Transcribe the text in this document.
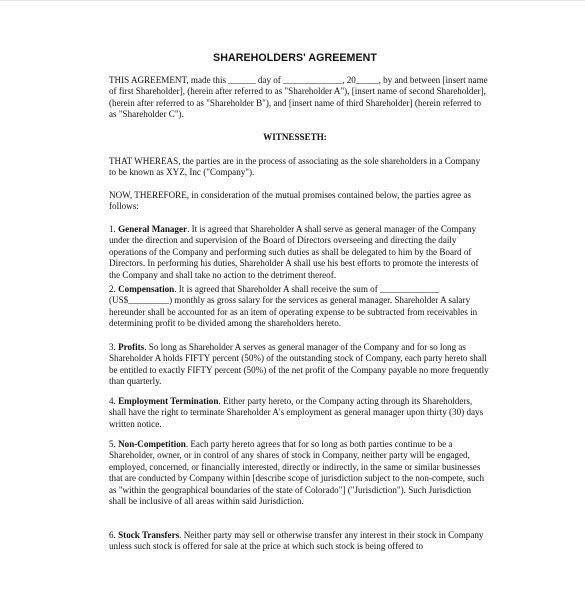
SHAREHOLDERS' AGREEMENT

THIS AGREEMENT, made this ______ day of _____________, 20_____, by and between [insert name of first Shareholder], (herein after referred to as "Shareholder A"), [insert name of second Shareholder], (herein after referred to as "Shareholder B"), and [insert name of third Shareholder] (herein referred to as "Shareholder C").

WITNESSETH:

THAT WHEREAS, the parties are in the process of associating as the sole shareholders in a Company to be known as XYZ, Inc ("Company").

NOW, THEREFORE, in consideration of the mutual promises contained below, the parties agree as follows:

1. General Manager. It is agreed that Shareholder A shall serve as general manager of the Company under the direction and supervision of the Board of Directors overseeing and directing the daily operations of the Company and performing such duties as shall be delegated to him by the Board of Directors. In performing his duties, Shareholder A shall use his best efforts to promote the interests of the Company and shall take no action to the detriment thereof.

2. Compensation. It is agreed that Shareholder A shall receive the sum of _____________ (US$_________) monthly as gross salary for the services as general manager. Shareholder A salary hereunder shall be accounted for as an item of operating expense to be subtracted from receivables in determining profit to be divided among the shareholders hereto.

3. Profits. So long as Shareholder A serves as general manager of the Company and for so long as Shareholder A holds FIFTY percent (50%) of the outstanding stock of Company, each party hereto shall be entitled to exactly FIFTY percent (50%) of the net profit of the Company payable no more frequently than quarterly.

4. Employment Termination. Either party hereto, or the Company acting through its Shareholders, shall have the right to terminate Shareholder A's employment as general manager upon thirty (30) days written notice.

5. Non-Competition. Each party hereto agrees that for so long as both parties continue to be a Shareholder, owner, or in control of any shares of stock in Company, neither party will be engaged, employed, concerned, or financially interested, directly or indirectly, in the same or similar businesses that are conducted by Company within [describe scope of jurisdiction subject to the non-compete, such as "within the geographical boundaries of the state of Colorado"] ("Jurisdiction"). Such Jurisdiction shall be inclusive of all areas within said Jurisdiction.

6. Stock Transfers. Neither party may sell or otherwise transfer any interest in their stock in Company unless such stock is offered for sale at the price at which such stock is being offered to
